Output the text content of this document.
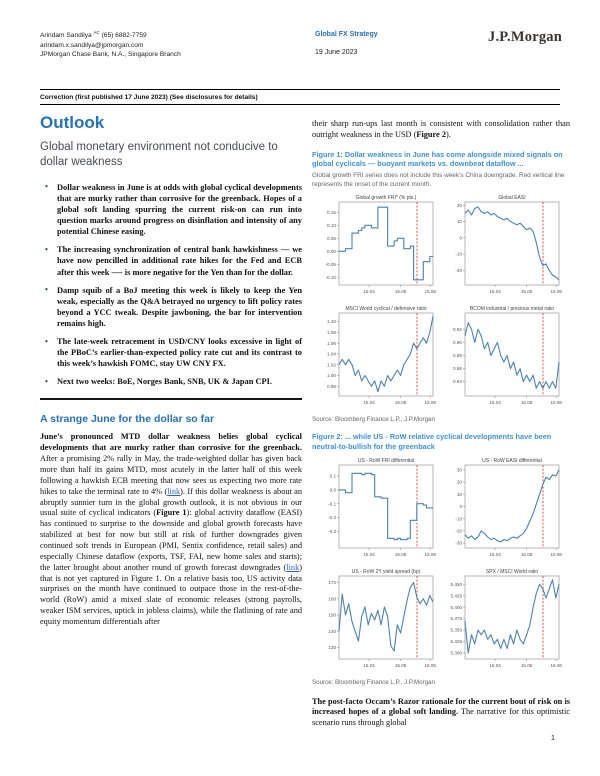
Arindam Sandilya $^{AC}$ (65) 6882-7759
arindam.x.sandilya@jpmorgan.com
JPMorgan Chase Bank, N.A., Singapore Branch
Global FX Strategy
19 June 2023
J.P.Morgan
Correction (first published 17 June 2023) (See disclosures for details)
Outlook
Global monetary environment not conducive to dollar weakness
• Dollar weakness in June is at odds with global cyclical developments that are murky rather than corrosive for the greenback. Hopes of a global soft landing spurring the current risk-on can run into question marks around progress on disinflation and intensity of any potential Chinese easing.
• The increasing synchronization of central bank hawkishness — we have now pencilled in additional rate hikes for the Fed and ECB after this week —- is more negative for the Yen than for the dollar.
• Damp squib of a BoJ meeting this week is likely to keep the Yen weak, especially as the Q&A betrayed no urgency to lift policy rates beyond a YCC tweak. Despite jawboning, the bar for intervention remains high.
• The late-week retracement in USD/CNY looks excessive in light of the PBoC’s earlier-than-expected policy rate cut and its contrast to this week’s hawkish FOMC, stay UW CNY FX.
• Next two weeks: BoE, Norges Bank, SNB, UK & Japan CPI.
A strange June for the dollar so far

June’s pronounced MTD dollar weakness belies global cyclical developments that are murky rather than corrosive for the greenback. After a promising 2% rally in May, the trade-weighted dollar has given back more than half its gains MTD, most acutely in the latter half of this week following a hawkish ECB meeting that now sees us expecting two more rate hikes to take the terminal rate to 4% (link). If this dollar weakness is about an abruptly sunnier turn in the global growth outlook, it is not obvious in our usual suite of cyclical indicators (Figure 1): global activity dataflow (EASI) has continued to surprise to the downside and global growth forecasts have stabilized at best for now but still at risk of further downgrades given continued soft trends in European (PMI, Sentix confidence, retail sales) and especially Chinese dataflow (exports, TSF, FAI, new home sales and starts); the latter brought about another round of growth forecast downgrades (link) that is not yet captured in Figure 1. On a relative basis too, US activity data surprises on the month have continued to outpace those in the rest-of-the-world (RoW) amid a mixed slate of economic releases (strong payrolls, weaker ISM services, uptick in jobless claims), while the flatlining of rate and equity momentum differentials after

their sharp run-ups last month is consistent with consolidation rather than outright weakness in the USD (Figure 2).

Figure 1: Dollar weakness in June has come alongside mixed signals on global cyclicals — buoyant markets vs. downbeat dataflow ...
Global growth FRI series does not include this week’s China downgrade. Red vertical line represents the onset of the current month.
Global growth FRI* (% pts.)
0.15
0.10
0.05
0.00
-0.05
-0.10
15.04	15.05	15.06
Global EASI
20
10
0
-10
-20
15.04	15.05	15.06
MSCI World cyclical / defensive ratio
1.10
1.08
1.06
1.04
1.02
1.00
0.98
15.04	15.05	15.06
BCOM industrial / precious metal ratio
0.92
0.90
0.88
0.86
0.84
15.04	15.05	15.06
Source: Bloomberg Finance L.P., J.P.Morgan
Figure 2: ... while US - RoW relative cyclical developments have been neutral-to-bullish for the greenback
US - RoW FRI differential
0.1
0.0
-0.1
-0.2
-0.3
15.04	15.05	15.06
US - RoW EASI differential
30
20
10
0
-10
-20
-30
15.04	15.05	15.06
US - RoW 2Y yield spread (bp)
170
160
150
140
130
15.04	15.05	15.06
SPX / MSCI World ratio
5.450
5.425
5.400
5.375
5.350
5.325
5.300
15.04	15.05	15.06
Source: Bloomberg Finance L.P., J.P.Morgan

The post-facto Occam’s Razor rationale for the current bout of risk on is increased hopes of a global soft landing. The narrative for this optimistic scenario runs through global

1
